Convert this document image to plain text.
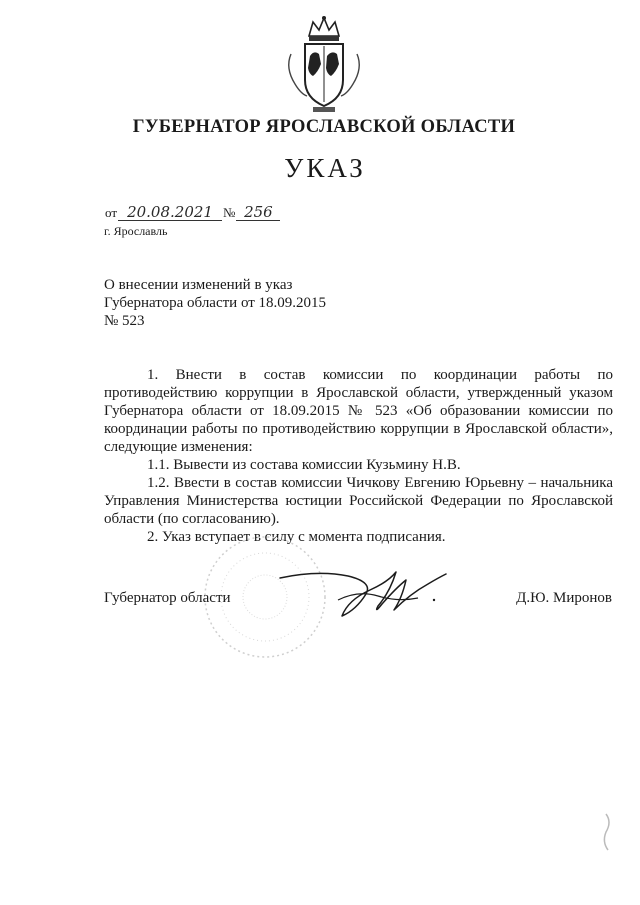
ГУБЕРНАТОР ЯРОСЛАВСКОЙ ОБЛАСТИ
УКАЗ
от 20.08.2021 № 256
г. Ярославль
О внесении изменений в указ
Губернатора области от 18.09.2015
№ 523

1. Внести в состав комиссии по координации работы по противодействию коррупции в Ярославской области, утвержденный указом Губернатора области от 18.09.2015 № 523 «Об образовании комиссии по координации работы по противодействию коррупции в Ярославской области», следующие изменения:

1.1. Вывести из состава комиссии Кузьмину Н.В.

1.2. Ввести в состав комиссии Чичкову Евгению Юрьевну – начальника Управления Министерства юстиции Российской Федерации по Ярославской области (по согласованию).

2. Указ вступает в силу с момента подписания.

Губернатор области	Д.Ю. Миронов
